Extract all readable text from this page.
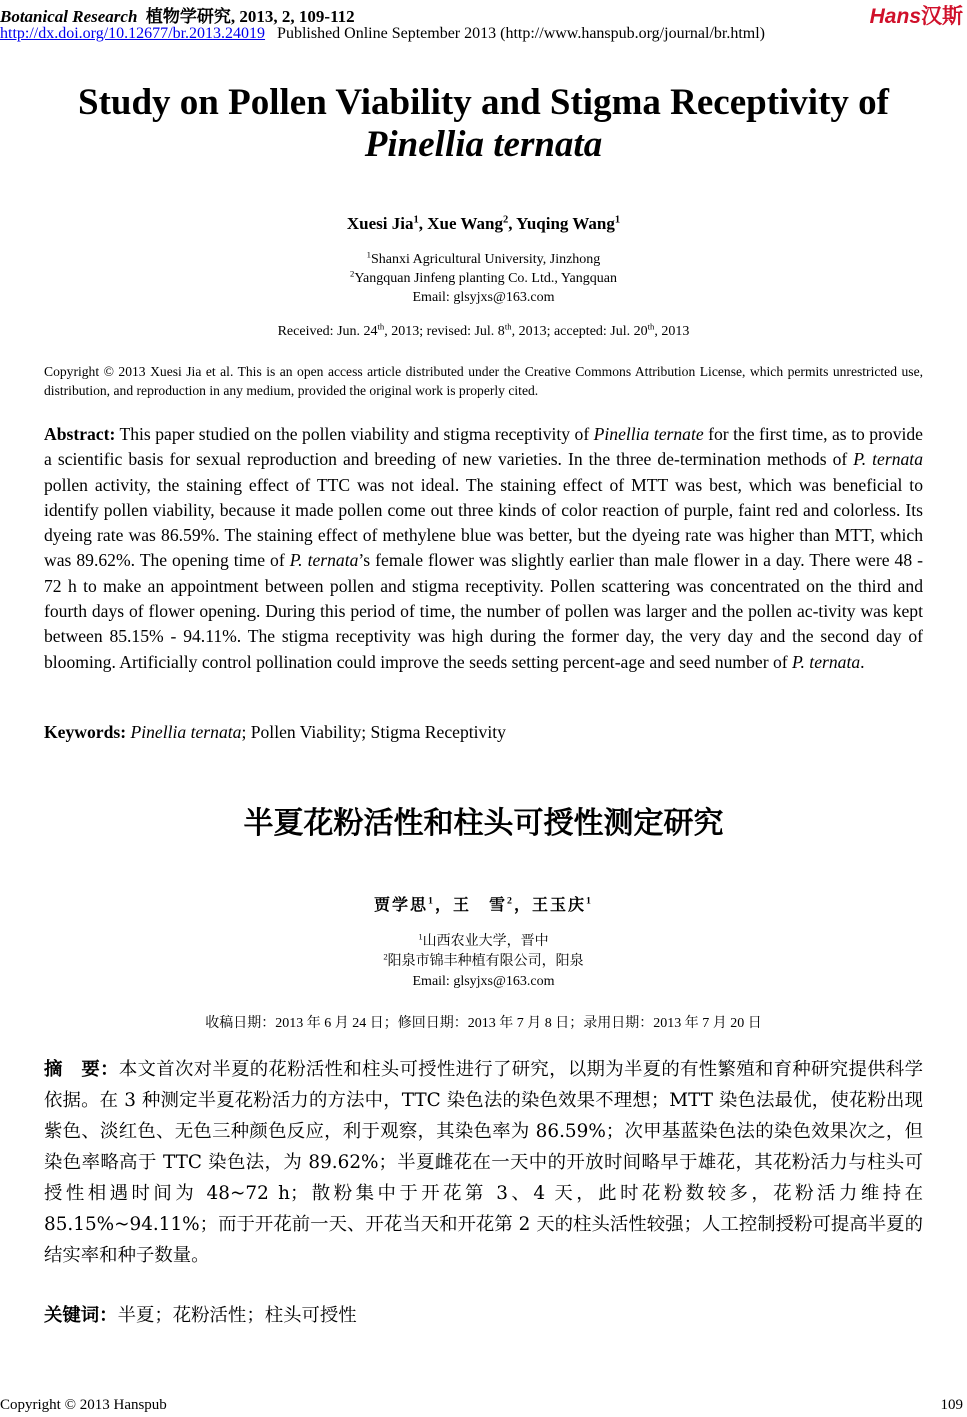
Botanical Research 植物学研究, 2013, 2, 109-112
http://dx.doi.org/10.12677/br.2013.24019 Published Online September 2013 (http://www.hanspub.org/journal/br.html)
Hans汉斯
Study on Pollen Viability and Stigma Receptivity of
Pinellia ternata
Xuesi Jia$^1$, Xue Wang$^2$, Yuqing Wang$^1$
$^1$Shanxi Agricultural University, Jinzhong
$^2$Yangquan Jinfeng planting Co. Ltd., Yangquan
Email: glsyjxs@163.com
Received: Jun. 24th, 2013; revised: Jul. 8th, 2013; accepted: Jul. 20th, 2013
Copyright © 2013 Xuesi Jia et al. This is an open access article distributed under the Creative Commons Attribution License, which permits unrestricted use, distribution, and reproduction in any medium, provided the original work is properly cited.
Abstract: This paper studied on the pollen viability and stigma receptivity of Pinellia ternate for the first time, as to provide a scientific basis for sexual reproduction and breeding of new varieties. In the three de-termination methods of P. ternata pollen activity, the staining effect of TTC was not ideal. The staining effect of MTT was best, which was beneficial to identify pollen viability, because it made pollen come out three kinds of color reaction of purple, faint red and colorless. Its dyeing rate was 86.59%. The staining effect of methylene blue was better, but the dyeing rate was higher than MTT, which was 89.62%. The opening time of P. ternata’s female flower was slightly earlier than male flower in a day. There were 48 - 72 h to make an appointment between pollen and stigma receptivity. Pollen scattering was concentrated on the third and fourth days of flower opening. During this period of time, the number of pollen was larger and the pollen ac-tivity was kept between 85.15% - 94.11%. The stigma receptivity was high during the former day, the very day and the second day of blooming. Artificially control pollination could improve the seeds setting percent-age and seed number of P. ternata.
Keywords: Pinellia ternata; Pollen Viability; Stigma Receptivity
半夏花粉活性和柱头可授性测定研究
贾学思$^1$，王　雪$^2$，王玉庆$^1$
$^1$山西农业大学，晋中
$^2$阳泉市锦丰种植有限公司，阳泉
Email: glsyjxs@163.com
收稿日期：2013 年 6 月 24 日；修回日期：2013 年 7 月 8 日；录用日期：2013 年 7 月 20 日
摘　要：本文首次对半夏的花粉活性和柱头可授性进行了研究，以期为半夏的有性繁殖和育种研究提供科学依据。在 3 种测定半夏花粉活力的方法中，TTC 染色法的染色效果不理想；MTT 染色法最优，使花粉出现紫色、淡红色、无色三种颜色反应，利于观察，其染色率为 86.59%；次甲基蓝染色法的染色效果次之，但染色率略高于 TTC 染色法，为 89.62%；半夏雌花在一天中的开放时间略早于雄花，其花粉活力与柱头可授性相遇时间为 48~72 h；散粉集中于开花第 3、4 天，此时花粉数较多，花粉活力维持在 85.15%~94.11%；而于开花前一天、开花当天和开花第 2 天的柱头活性较强；人工控制授粉可提高半夏的结实率和种子数量。
关键词：半夏；花粉活性；柱头可授性
Copyright © 2013 Hanspub	109
